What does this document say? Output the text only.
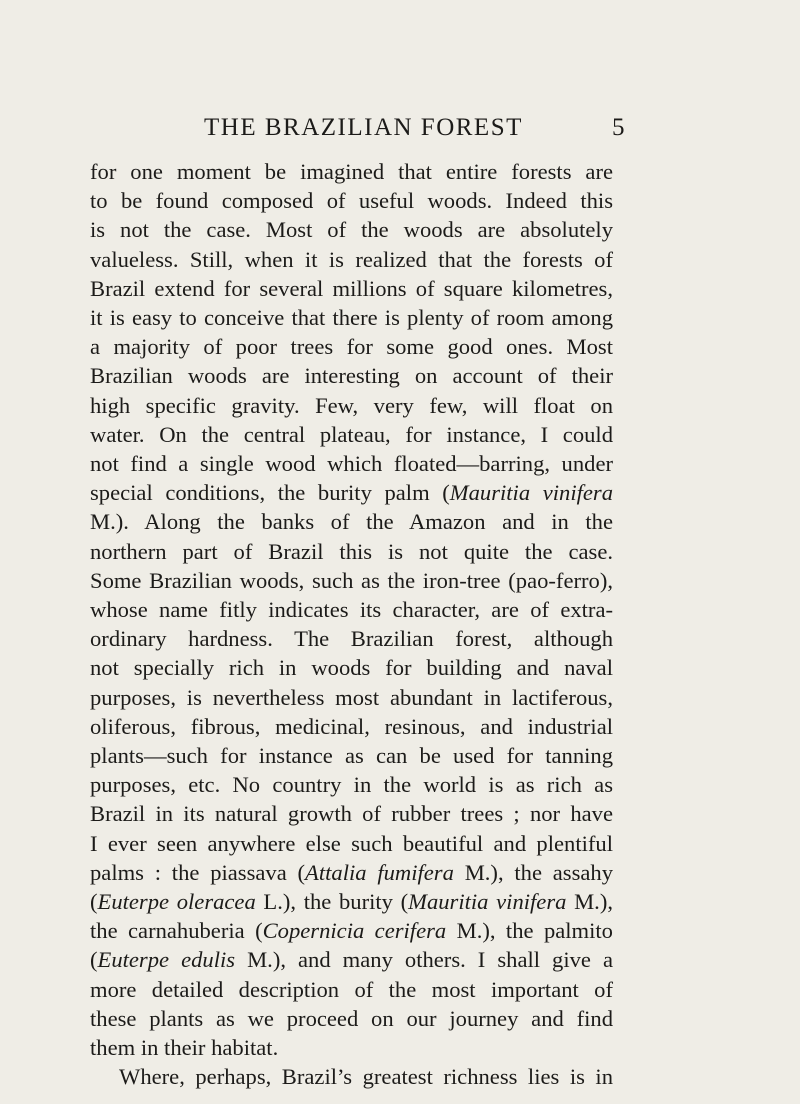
THE BRAZILIAN FOREST	5
for one moment be imagined that entire forests are
to be found composed of useful woods. Indeed this
is not the case. Most of the woods are absolutely
valueless. Still, when it is realized that the forests of
Brazil extend for several millions of square kilometres,
it is easy to conceive that there is plenty of room among
a majority of poor trees for some good ones. Most
Brazilian woods are interesting on account of their
high specific gravity. Few, very few, will float on
water. On the central plateau, for instance, I could
not find a single wood which floated—barring, under
special conditions, the burity palm (Mauritia vinifera
M.). Along the banks of the Amazon and in the
northern part of Brazil this is not quite the case.
Some Brazilian woods, such as the iron-tree (pao-ferro),
whose name fitly indicates its character, are of extra-
ordinary hardness. The Brazilian forest, although
not specially rich in woods for building and naval
purposes, is nevertheless most abundant in lactiferous,
oliferous, fibrous, medicinal, resinous, and industrial
plants—such for instance as can be used for tanning
purposes, etc. No country in the world is as rich as
Brazil in its natural growth of rubber trees ; nor have
I ever seen anywhere else such beautiful and plentiful
palms : the piassava (Attalia fumifera M.), the assahy
(Euterpe oleracea L.), the burity (Mauritia vinifera M.),
the carnahuberia (Copernicia cerifera M.), the palmito
(Euterpe edulis M.), and many others. I shall give a
more detailed description of the most important of
these plants as we proceed on our journey and find
them in their habitat.
Where, perhaps, Brazil’s greatest richness lies is in
